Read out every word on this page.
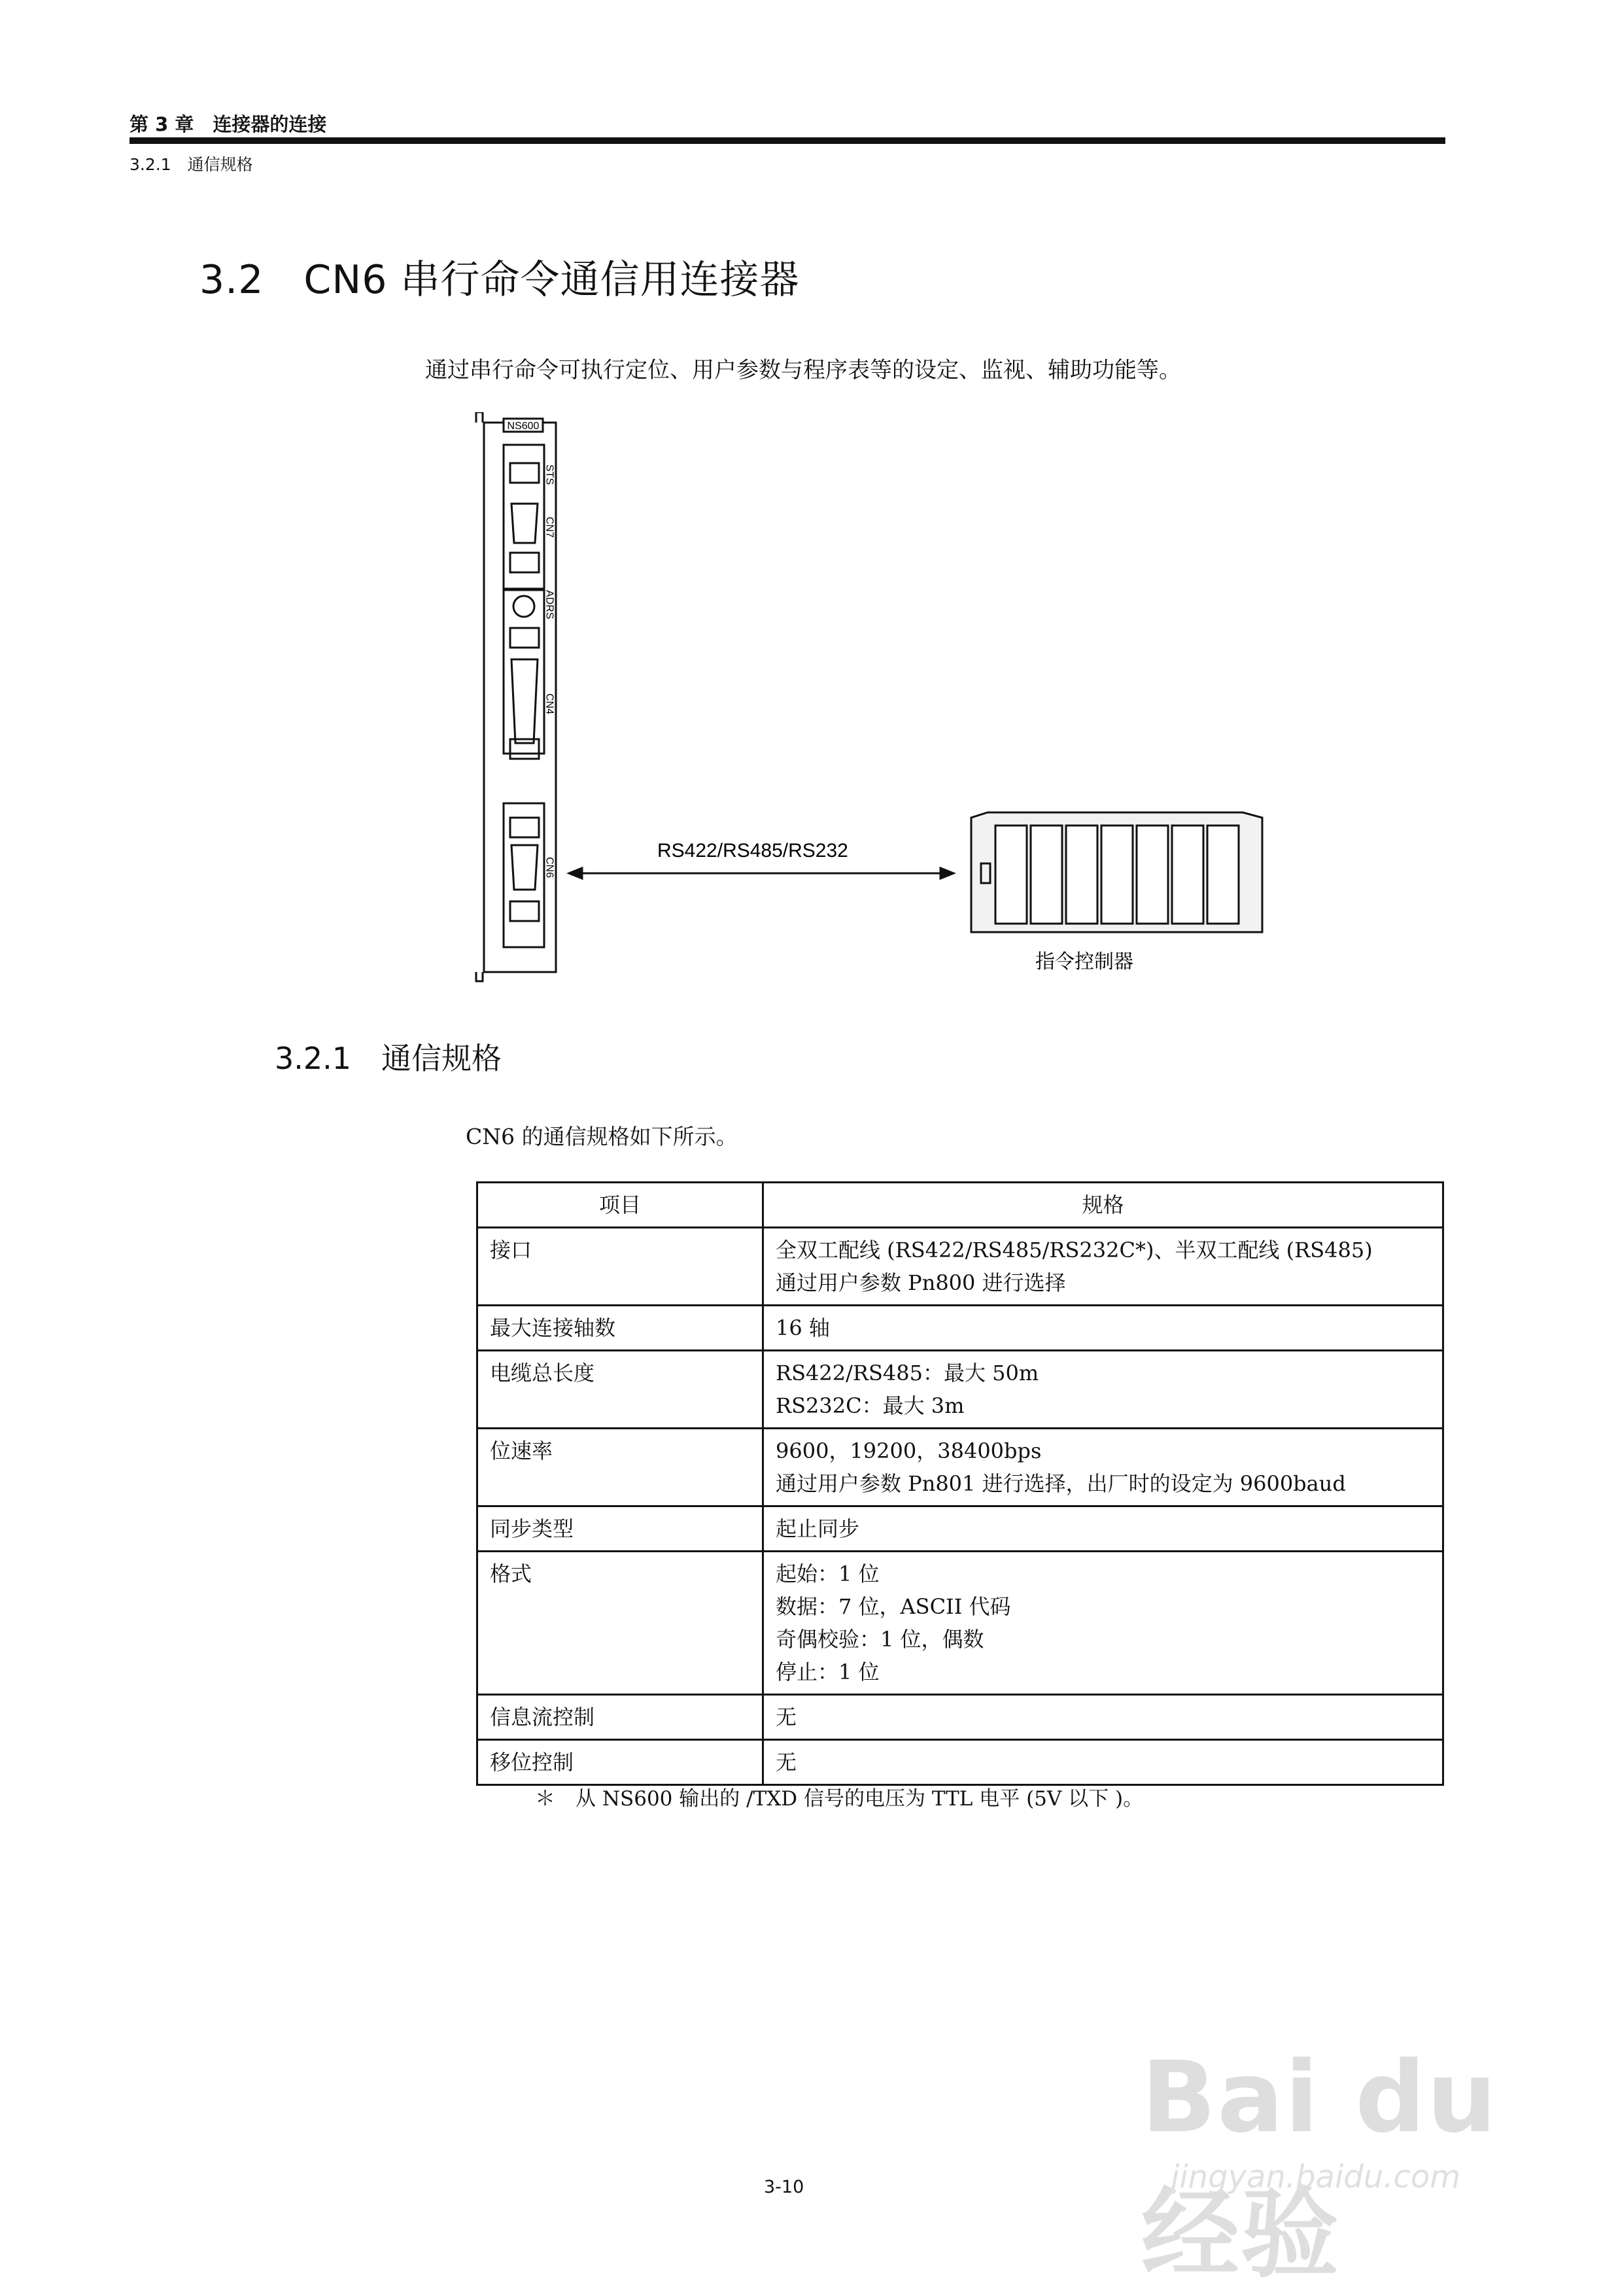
第 3 章　连接器的连接
3.2.1　通信规格
3.2　CN6 串行命令通信用连接器
通过串行命令可执行定位、用户参数与程序表等的设定、监视、辅助功能等。
NS600
STS
CN7
ADRS
CN4
CN6
RS422/RS485/RS232
指令控制器
3.2.1　通信规格
CN6 的通信规格如下所示。
项目	规格
接口	全双工配线 (RS422/RS485/RS232C*)、半双工配线 (RS485)
通过用户参数 Pn800 进行选择

最大连接轴数	16 轴

电缆总长度	RS422/RS485：最大 50m
RS232C：最大 3m

位速率	9600，19200，38400bps
通过用户参数 Pn801 进行选择，出厂时的设定为 9600baud

同步类型	起止同步

格式	起始：1 位
数据：7 位，ASCII 代码
奇偶校验：1 位，偶数
停止：1 位

信息流控制	无

移位控制	无
＊　从 NS600 输出的 /TXD 信号的电压为 TTL 电平 (5V 以下 )。
3-10
Bai du 经验
jingyan.baidu.com
